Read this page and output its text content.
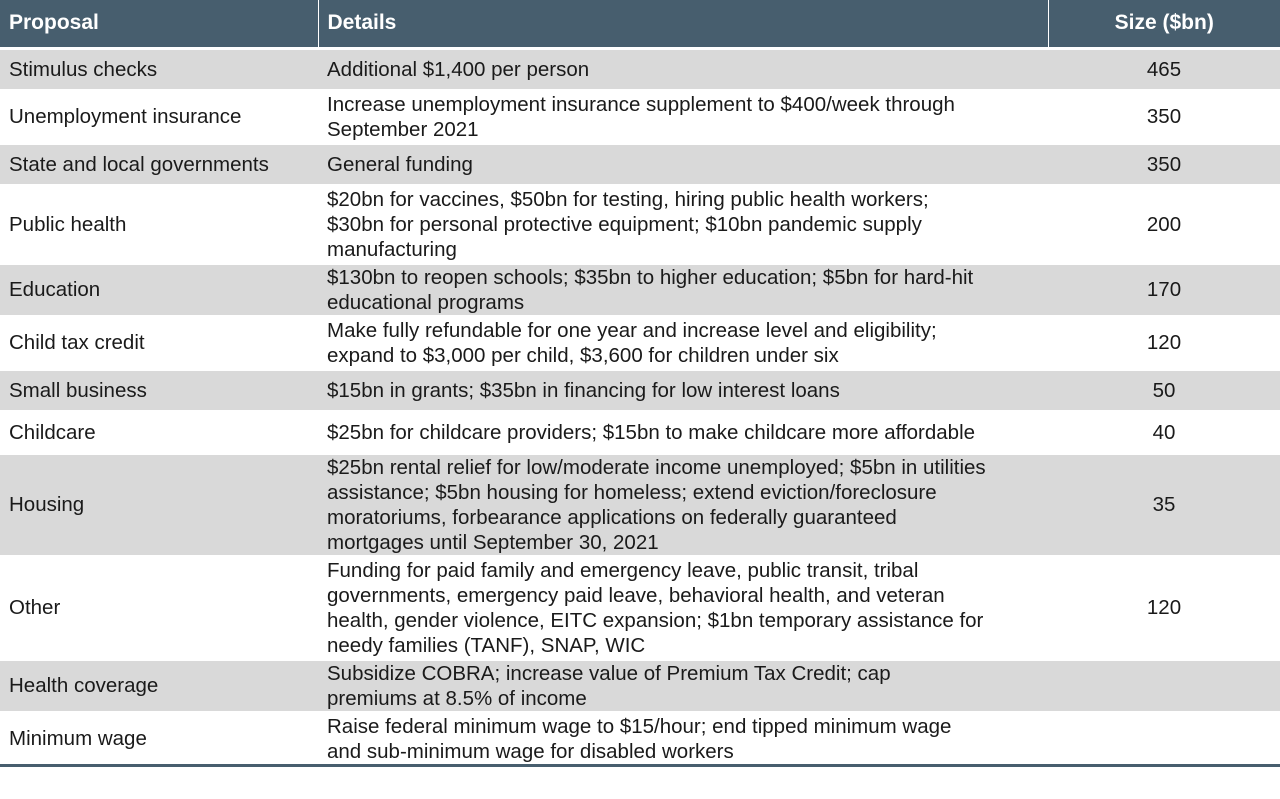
Proposal	Details	Size ($bn)
Stimulus checks	Additional $1,400 per person	465
Unemployment insurance	Increase unemployment insurance supplement to $400/week through
September 2021	350
State and local governments	General funding	350
Public health	$20bn for vaccines, $50bn for testing, hiring public health workers;
$30bn for personal protective equipment; $10bn pandemic supply
manufacturing	200
Education	$130bn to reopen schools; $35bn to higher education; $5bn for hard-hit
educational programs	170
Child tax credit	Make fully refundable for one year and increase level and eligibility;
expand to $3,000 per child, $3,600 for children under six	120
Small business	$15bn in grants; $35bn in financing for low interest loans	50
Childcare	$25bn for childcare providers; $15bn to make childcare more affordable	40
Housing	$25bn rental relief for low/moderate income unemployed; $5bn in utilities
assistance; $5bn housing for homeless; extend eviction/foreclosure
moratoriums, forbearance applications on federally guaranteed
mortgages until September 30, 2021	35
Other	Funding for paid family and emergency leave, public transit, tribal
governments, emergency paid leave, behavioral health, and veteran
health, gender violence, EITC expansion; $1bn temporary assistance for
needy families (TANF), SNAP, WIC	120
Health coverage	Subsidize COBRA; increase value of Premium Tax Credit; cap
premiums at 8.5% of income	

Minimum wage	Raise federal minimum wage to $15/hour; end tipped minimum wage
and sub-minimum wage for disabled workers	
